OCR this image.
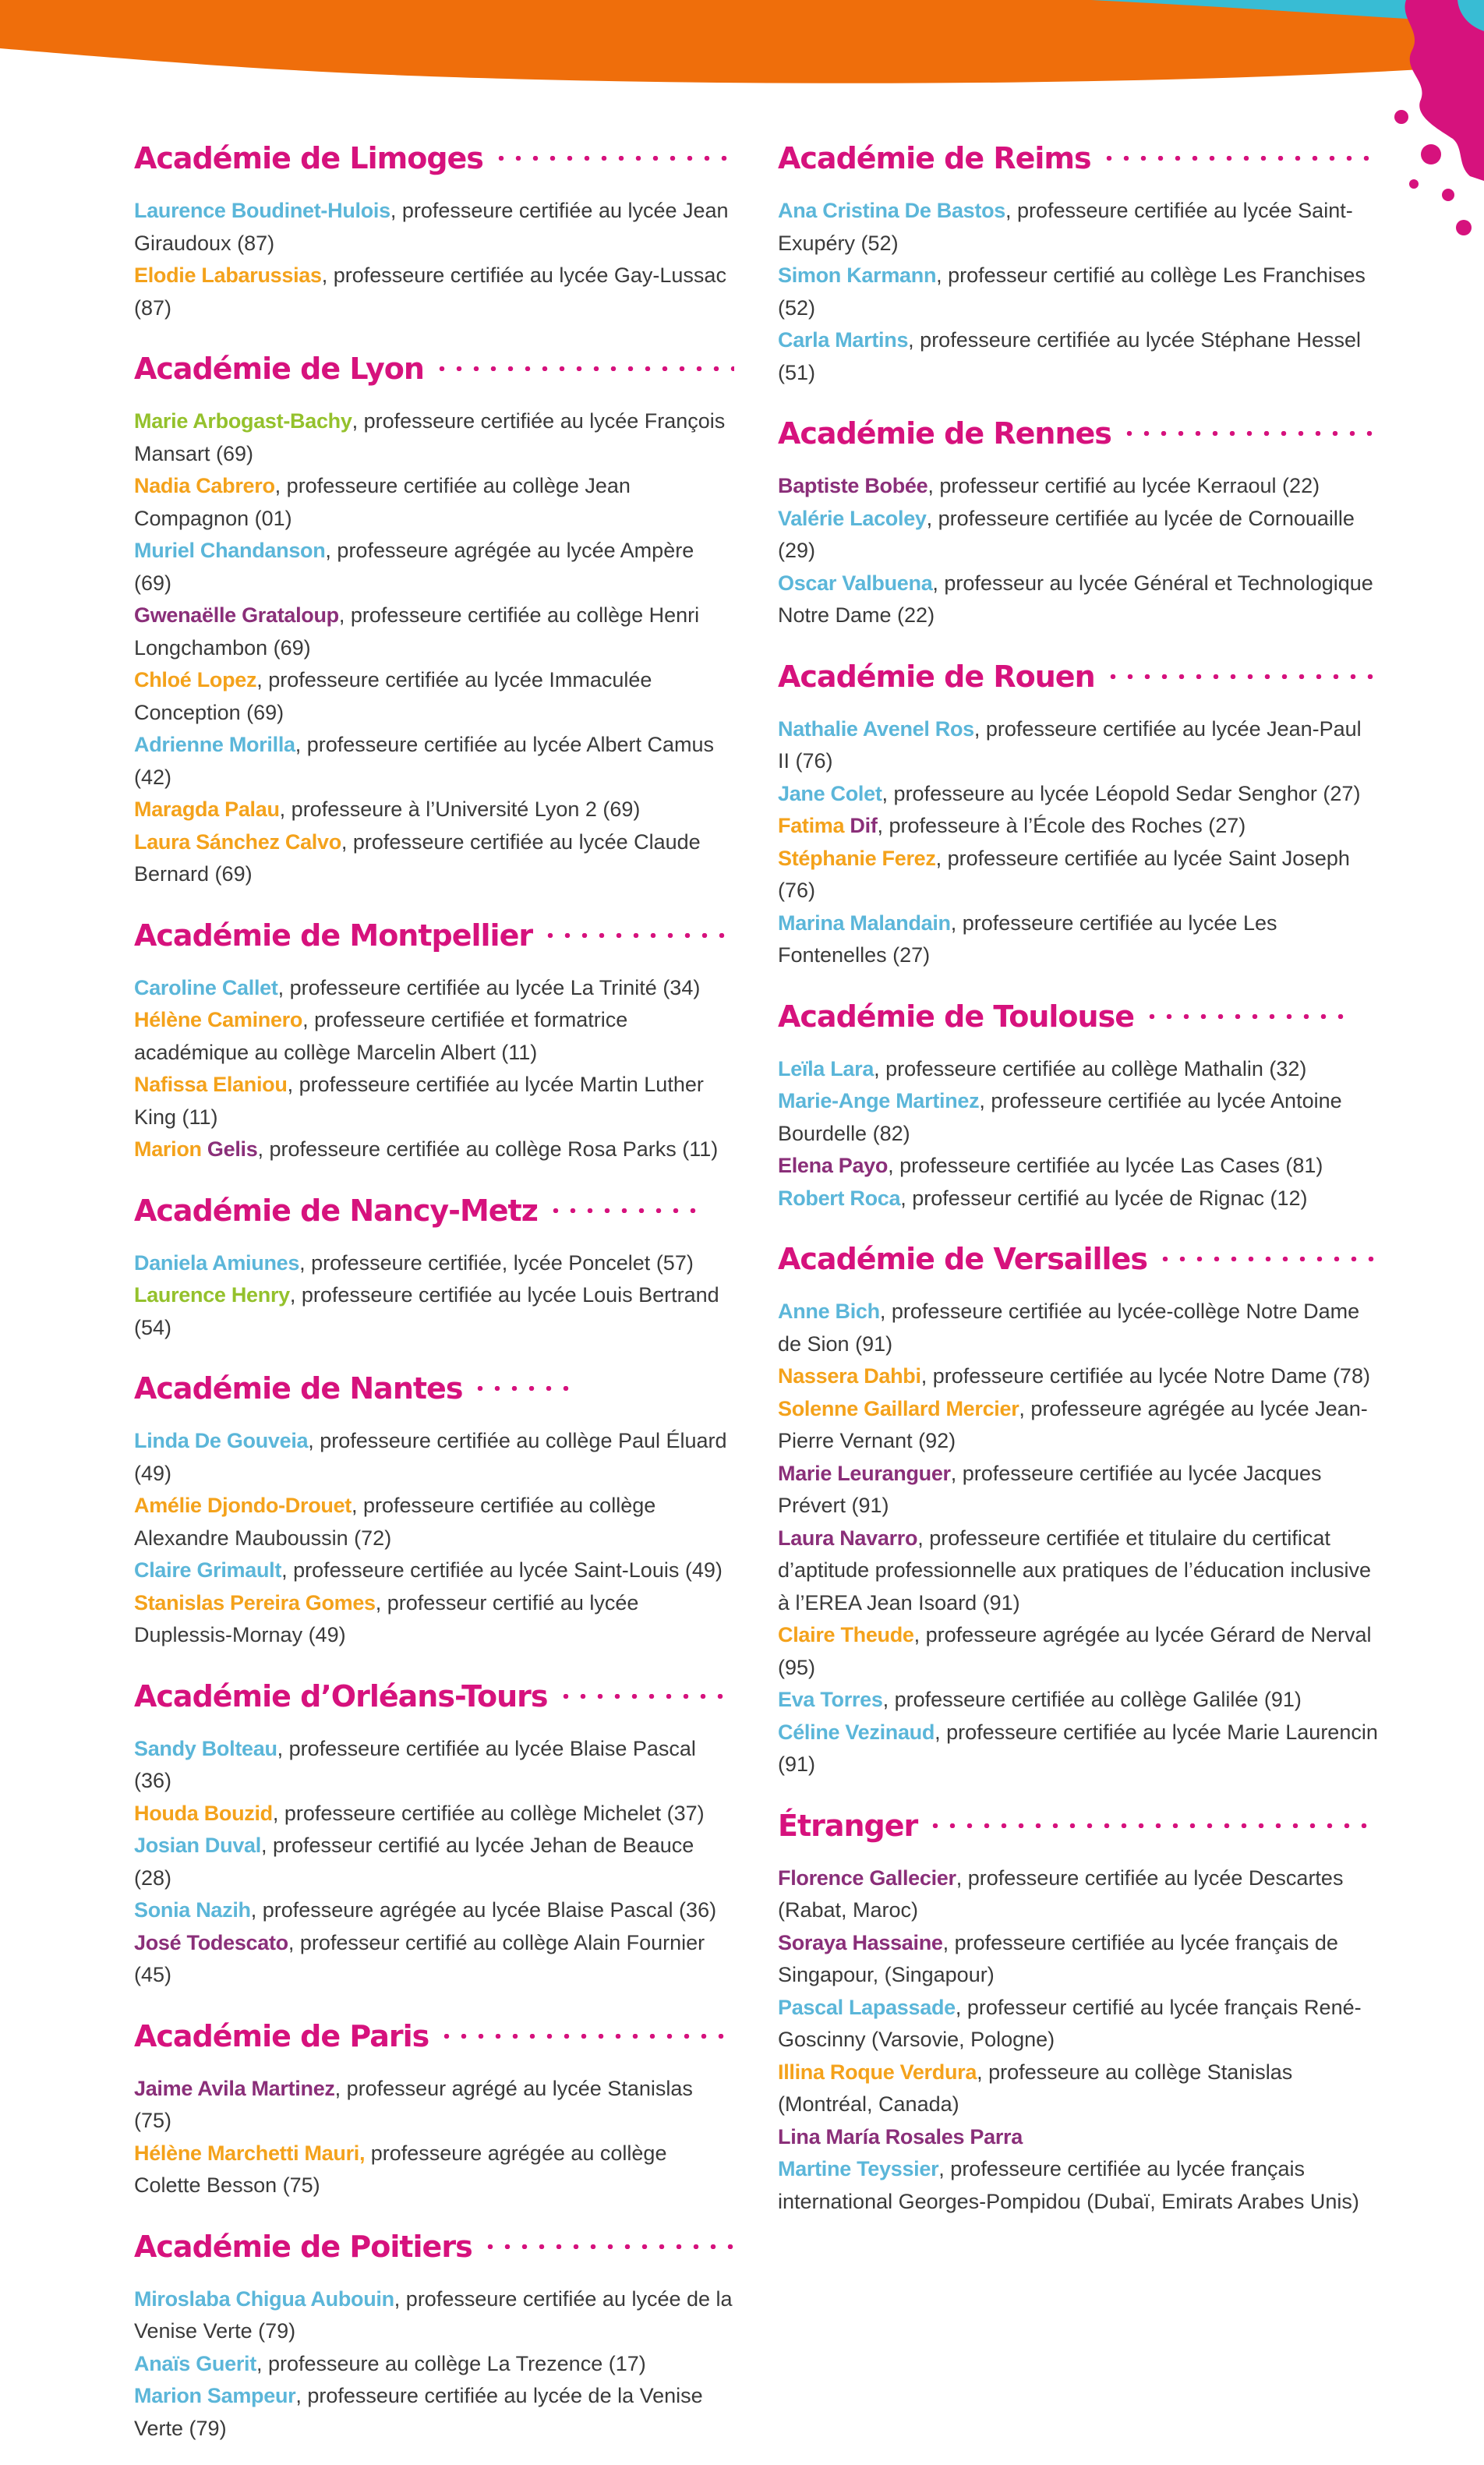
Académie de Limoges

Laurence Boudinet-Hulois, professeure certifiée au lycée Jean Giraudoux (87)

Elodie Labarussias, professeure certifiée au lycée Gay-Lussac (87)

Académie de Lyon

Marie Arbogast-Bachy, professeure certifiée au lycée François Mansart (69)

Nadia Cabrero, professeure certifiée au collège Jean Compagnon (01)

Muriel Chandanson, professeure agrégée au lycée Ampère (69)

Gwenaëlle Grataloup, professeure certifiée au collège Henri Longchambon (69)

Chloé Lopez, professeure certifiée au lycée Immaculée Conception (69)

Adrienne Morilla, professeure certifiée au lycée Albert Camus (42)

Maragda Palau, professeure à l’Université Lyon 2 (69)

Laura Sánchez Calvo, professeure certifiée au lycée Claude Bernard (69)

Académie de Montpellier

Caroline Callet, professeure certifiée au lycée La Trinité (34)

Hélène Caminero, professeure certifiée et formatrice académique au collège Marcelin Albert (11)

Nafissa Elaniou, professeure certifiée au lycée Martin Luther King (11)

Marion Gelis, professeure certifiée au collège Rosa Parks (11)

Académie de Nancy-Metz

Daniela Amiunes, professeure certifiée, lycée Poncelet (57)

Laurence Henry, professeure certifiée au lycée Louis Bertrand (54)

Académie de Nantes

Linda De Gouveia, professeure certifiée au collège Paul Éluard (49)

Amélie Djondo-Drouet, professeure certifiée au collège Alexandre Mauboussin (72)

Claire Grimault, professeure certifiée au lycée Saint-Louis (49)

Stanislas Pereira Gomes, professeur certifié au lycée Duplessis-Mornay (49)

Académie d’Orléans-Tours

Sandy Bolteau, professeure certifiée au lycée Blaise Pascal (36)

Houda Bouzid, professeure certifiée au collège Michelet (37)

Josian Duval, professeur certifié au lycée Jehan de Beauce (28)

Sonia Nazih, professeure agrégée au lycée Blaise Pascal (36)

José Todescato, professeur certifié au collège Alain Fournier (45)

Académie de Paris

Jaime Avila Martinez, professeur agrégé au lycée Stanislas (75)

Hélène Marchetti Mauri, professeure agrégée au collège Colette Besson (75)

Académie de Poitiers

Miroslaba Chigua Aubouin, professeure certifiée au lycée de la Venise Verte (79)

Anaïs Guerit, professeure au collège La Trezence (17)

Marion Sampeur, professeure certifiée au lycée de la Venise Verte (79)

Académie de Reims

Ana Cristina De Bastos, professeure certifiée au lycée Saint-Exupéry (52)

Simon Karmann, professeur certifié au collège Les Franchises (52)

Carla Martins, professeure certifiée au lycée Stéphane Hessel (51)

Académie de Rennes

Baptiste Bobée, professeur certifié au lycée Kerraoul (22)

Valérie Lacoley, professeure certifiée au lycée de Cornouaille (29)

Oscar Valbuena, professeur au lycée Général et Technologique Notre Dame (22)

Académie de Rouen

Nathalie Avenel Ros, professeure certifiée au lycée Jean-Paul II (76)

Jane Colet, professeure au lycée Léopold Sedar Senghor (27)

Fatima Dif, professeure à l’École des Roches (27)

Stéphanie Ferez, professeure certifiée au lycée Saint Joseph (76)

Marina Malandain, professeure certifiée au lycée Les Fontenelles (27)

Académie de Toulouse

Leïla Lara, professeure certifiée au collège Mathalin (32)

Marie-Ange Martinez, professeure certifiée au lycée Antoine Bourdelle (82)

Elena Payo, professeure certifiée au lycée Las Cases (81)

Robert Roca, professeur certifié au lycée de Rignac (12)

Académie de Versailles

Anne Bich, professeure certifiée au lycée-collège Notre Dame de Sion (91)

Nassera Dahbi, professeure certifiée au lycée Notre Dame (78)

Solenne Gaillard Mercier, professeure agrégée au lycée Jean-Pierre Vernant (92)

Marie Leuranguer, professeure certifiée au lycée Jacques Prévert (91)

Laura Navarro, professeure certifiée et titulaire du certificat d’aptitude professionnelle aux pratiques de l’éducation inclusive à l’EREA Jean Isoard (91)

Claire Theude, professeure agrégée au lycée Gérard de Nerval (95)

Eva Torres, professeure certifiée au collège Galilée (91)

Céline Vezinaud, professeure certifiée au lycée Marie Laurencin (91)

Étranger

Florence Gallecier, professeure certifiée au lycée Descartes (Rabat, Maroc)

Soraya Hassaine, professeure certifiée au lycée français de Singapour, (Singapour)

Pascal Lapassade, professeur certifié au lycée français René-Goscinny (Varsovie, Pologne)

Illina Roque Verdura, professeure au collège Stanislas (Montréal, Canada)

Lina María Rosales Parra

Martine Teyssier, professeure certifiée au lycée français international Georges-Pompidou (Dubaï, Emirats Arabes Unis)
